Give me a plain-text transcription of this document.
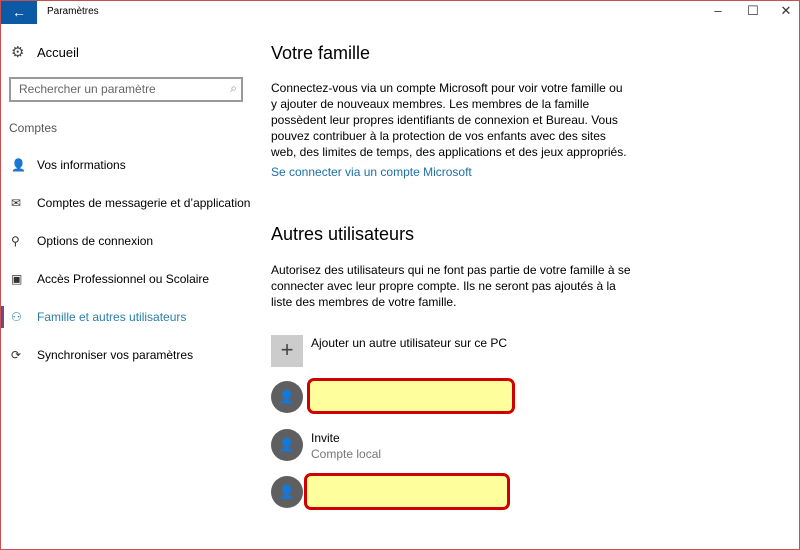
←	Paramètres	–	☐	✕
⚙ Accueil
Rechercher un paramètre	⌕
Comptes
👤 Vos informations
✉	Comptes de messagerie et d’application
⚲	Options de connexion
▣	Accès Professionnel ou Scolaire
⚇	Famille et autres utilisateurs
⟳	Synchroniser vos paramètres
Votre famille
Connectez-vous via un compte Microsoft pour voir votre famille ou y ajouter de nouveaux membres. Les membres de la famille possèdent leur propres identifiants de connexion et Bureau. Vous pouvez contribuer à la protection de vos enfants avec des sites web, des limites de temps, des applications et des jeux appropriés.
Se connecter via un compte Microsoft
Autres utilisateurs
Autorisez des utilisateurs qui ne font pas partie de votre famille à se connecter avec leur propre compte. Ils ne seront pas ajoutés à la liste des membres de votre famille.
+	Ajouter un autre utilisateur sur ce PC
👤
👤	Invite
Compte local
👤
